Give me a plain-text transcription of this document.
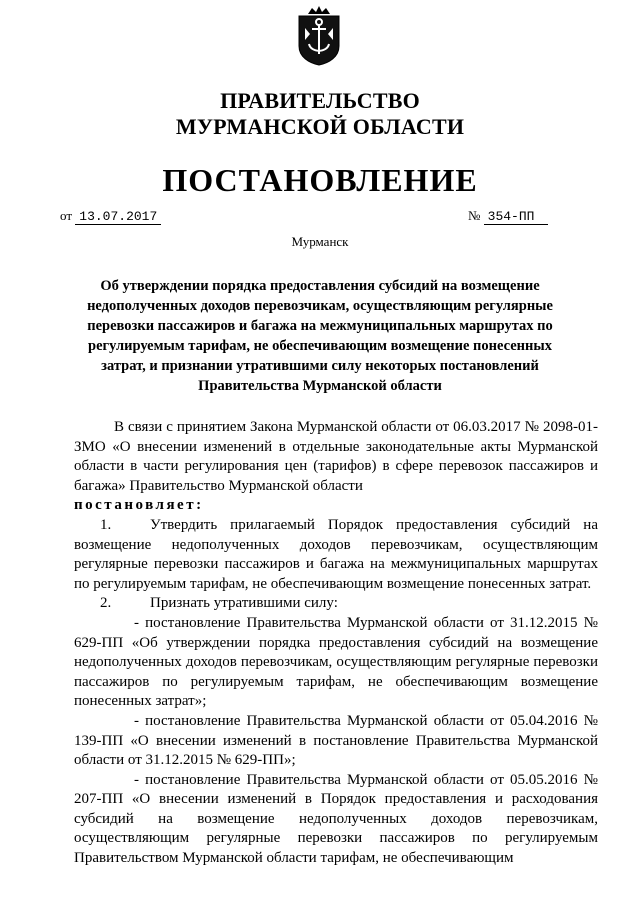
ПРАВИТЕЛЬСТВО
МУРМАНСКОЙ ОБЛАСТИ
ПОСТАНОВЛЕНИЕ
от 13.07.2017	№ 354-ПП
Мурманск
Об утверждении порядка предоставления субсидий на возмещение
недополученных доходов перевозчикам, осуществляющим регулярные
перевозки пассажиров и багажа на межмуниципальных маршрутах по
регулируемым тарифам, не обеспечивающим возмещение понесенных
затрат, и признании утратившими силу некоторых постановлений
Правительства Мурманской области

В связи с принятием Закона Мурманской области от 06.03.2017 № 2098-01-ЗМО «О внесении изменений в отдельные законодательные акты Мурманской области в части регулирования цен (тарифов) в сфере перевозок пассажиров и багажа» Правительство Мурманской области

постановляет:

1.	Утвердить прилагаемый Порядок предоставления субсидий на возмещение недополученных доходов перевозчикам, осуществляющим регулярные перевозки пассажиров и багажа на межмуниципальных маршрутах по регулируемым тарифам, не обеспечивающим возмещение понесенных затрат.

2.	Признать утратившими силу:

- постановление Правительства Мурманской области от 31.12.2015 № 629-ПП «Об утверждении порядка предоставления субсидий на возмещение недополученных доходов перевозчикам, осуществляющим регулярные перевозки пассажиров по регулируемым тарифам, не обеспечивающим возмещение понесенных затрат»;

- постановление Правительства Мурманской области от 05.04.2016 № 139-ПП «О внесении изменений в постановление Правительства Мурманской области от 31.12.2015 № 629-ПП»;

- постановление Правительства Мурманской области от 05.05.2016 № 207-ПП «О внесении изменений в Порядок предоставления и расходования субсидий на возмещение недополученных доходов перевозчикам, осуществляющим регулярные перевозки пассажиров по регулируемым Правительством Мурманской области тарифам, не обеспечивающим
